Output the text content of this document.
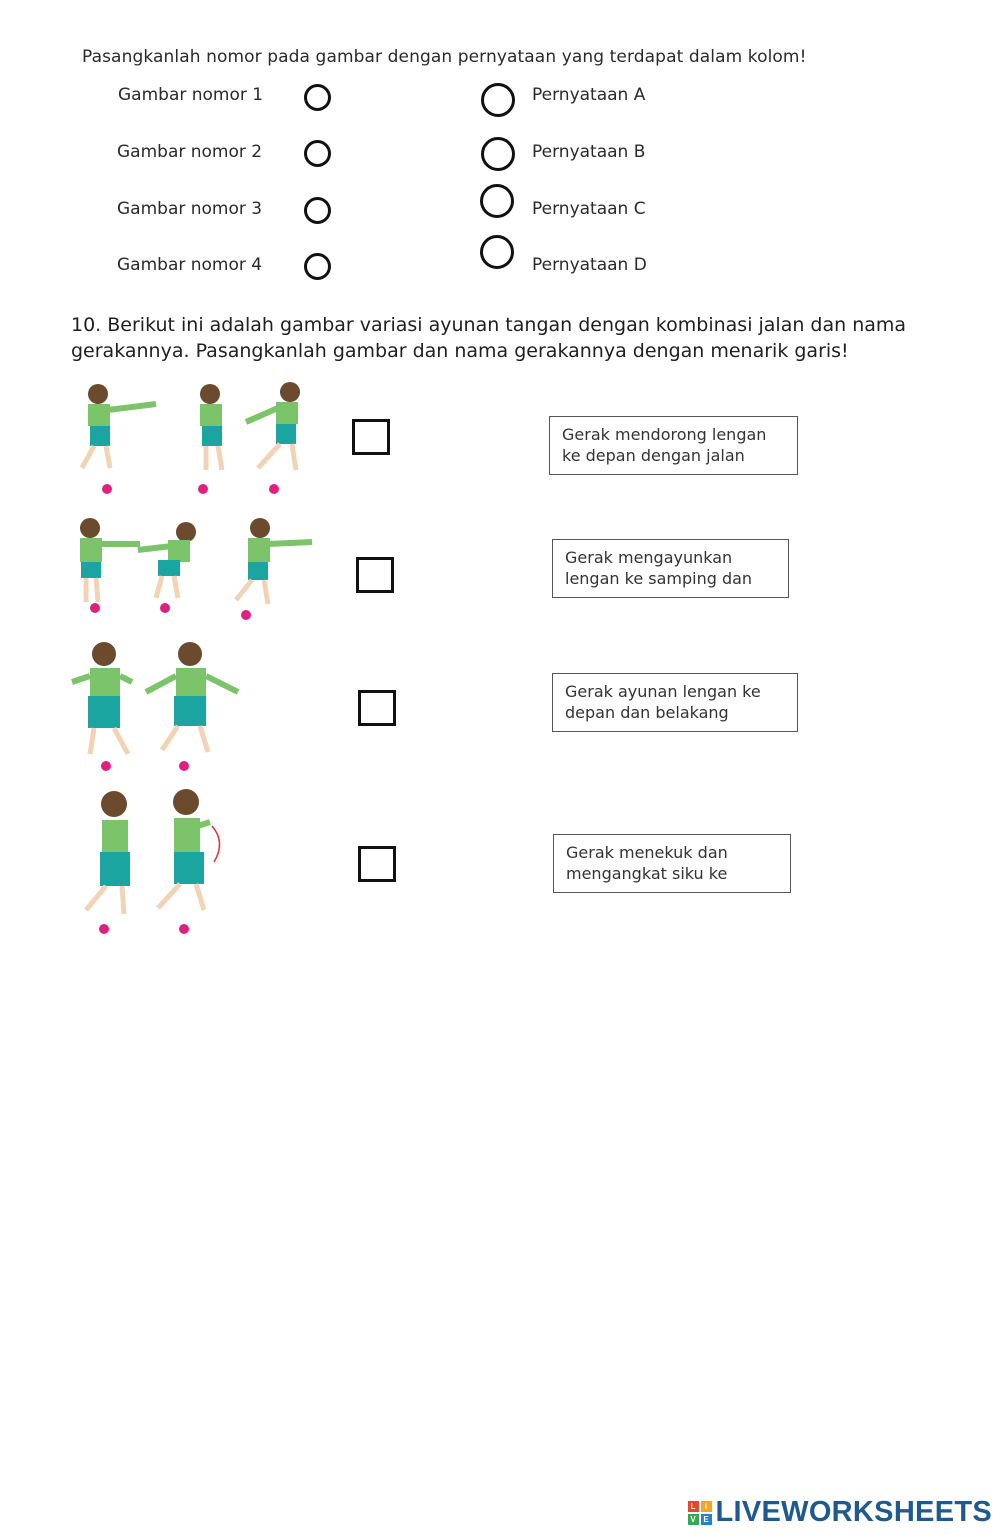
Pasangkanlah nomor pada gambar dengan pernyataan yang terdapat dalam kolom!
Gambar nomor 1
Gambar nomor 2
Gambar nomor 3
Gambar nomor 4
Pernyataan A
Pernyataan B
Pernyataan C
Pernyataan D
10. Berikut ini adalah gambar variasi ayunan tangan dengan kombinasi jalan dan nama gerakannya. Pasangkanlah gambar dan nama gerakannya dengan menarik garis!
Gerak mendorong lengan ke depan dengan jalan
Gerak mengayunkan lengan ke samping dan
Gerak ayunan lengan ke depan dan belakang
Gerak menekuk dan mengangkat siku ke
L	I
V E LIVEWORKSHEETS
